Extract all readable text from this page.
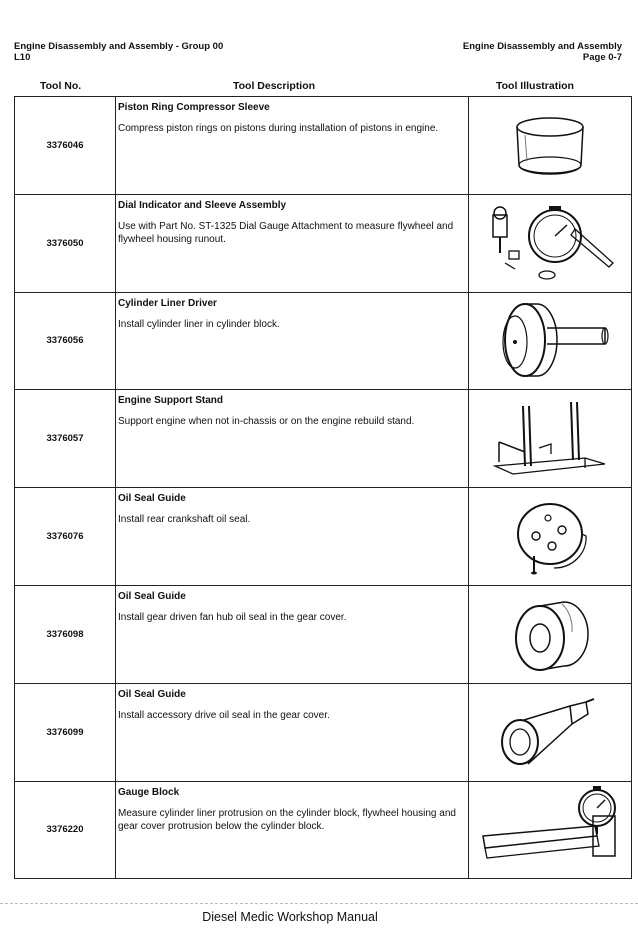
Engine Disassembly and Assembly - Group 00
L10
Engine Disassembly and Assembly
Page 0-7
Tool No.	Tool Description	Tool Illustration
3376046	Piston Ring Compressor Sleeve
Compress piston rings on pistons during installation of pistons in engine.

3376050	Dial Indicator and Sleeve Assembly
Use with Part No. ST-1325 Dial Gauge Attachment to measure flywheel and flywheel housing runout.

3376056	Cylinder Liner Driver
Install cylinder liner in cylinder block.

3376057	Engine Support Stand
Support engine when not in-chassis or on the engine rebuild stand.

3376076	Oil Seal Guide
Install rear crankshaft oil seal.

3376098	Oil Seal Guide
Install gear driven fan hub oil seal in the gear cover.

3376099	Oil Seal Guide
Install accessory drive oil seal in the gear cover.

3376220	Gauge Block
Measure cylinder liner protrusion on the cylinder block, flywheel housing and gear cover protrusion below the cylinder block.

Diesel Medic Workshop Manual
